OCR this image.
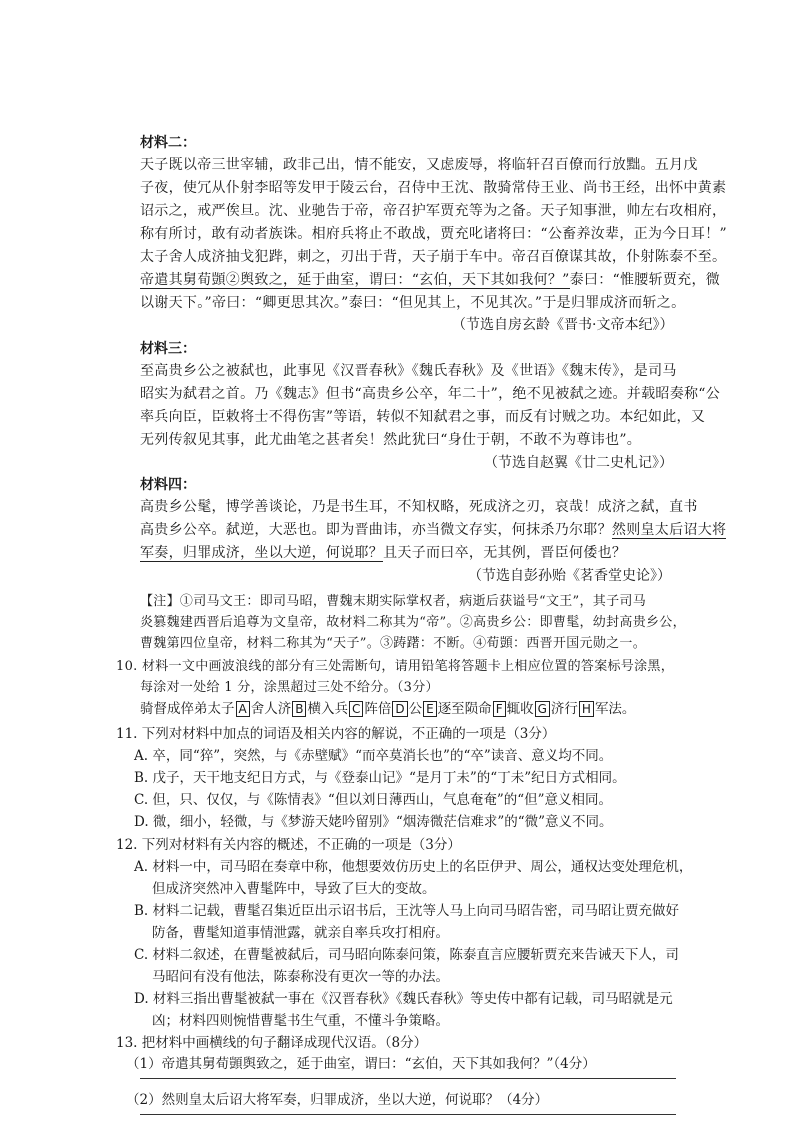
材料二：
天子既以帝三世宰辅，政非己出，情不能安，又虑废辱，将临轩召百僚而行放黜。五月戊
子夜，使冗从仆射李昭等发甲于陵云台，召侍中王沈、散骑常侍王业、尚书王经，出怀中黄素
诏示之，戒严俟旦。沈、业驰告于帝，帝召护军贾充等为之备。天子知事泄，帅左右攻相府，
称有所讨，敢有动者族诛。相府兵将止不敢战，贾充叱诸将曰：“公畜养汝辈，正为今日耳！”
太子舍人成济抽戈犯跸，刺之，刃出于背，天子崩于车中。帝召百僚谋其故，仆射陈泰不至。
帝遣其舅荀顗②舆致之，延于曲室，谓曰：“玄伯，天下其如我何？”泰曰：“惟腰斩贾充，微
以谢天下。”帝曰：“卿更思其次。”泰曰：“但见其上，不见其次。”于是归罪成济而斩之。
（节选自房玄龄《晋书·文帝本纪》）
材料三：
至高贵乡公之被弑也，此事见《汉晋春秋》《魏氏春秋》及《世语》《魏末传》，是司马
昭实为弑君之首。乃《魏志》但书“高贵乡公卒，年二十”，绝不见被弑之迹。并载昭奏称“公
率兵向臣，臣敕将士不得伤害”等语，转似不知弑君之事，而反有讨贼之功。本纪如此，又
无列传叙见其事，此尤曲笔之甚者矣！然此犹曰“身仕于朝，不敢不为尊讳也”。
（节选自赵翼《廿二史札记》）
材料四：
高贵乡公髦，博学善谈论，乃是书生耳，不知权略，死成济之刃，哀哉！成济之弑，直书
高贵乡公卒。弑逆，大恶也。即为晋曲讳，亦当微文存实，何抹杀乃尔耶？然则皇太后诏大将
军奏，归罪成济，坐以大逆，何说耶？且天子而曰卒，无其例，晋臣何倭也？
（节选自彭孙贻《茗香堂史论》）
【注】①司马文王：即司马昭，曹魏末期实际掌权者，病逝后获谥号“文王”，其子司马
炎篡魏建西晋后追尊为文皇帝，故材料二称其为“帝”。②高贵乡公：即曹髦，幼封高贵乡公，
曹魏第四位皇帝，材料二称其为“天子”。③踌躇：不断。④荀顗：西晋开国元勋之一。
10. 材料一文中画波浪线的部分有三处需断句，请用铅笔将答题卡上相应位置的答案标号涂黑，
每涂对一处给 1 分，涂黑超过三处不给分。（3分）
骑督成倅弟太子 A 舍人济 B 横入兵 C 阵倍 D 公 E 逐至陨命 F 辄收 G 济行 H 军法。
11. 下列对材料中加点的词语及相关内容的解说，不正确的一项是（3分）
A. 卒，同“猝”，突然，与《赤壁赋》“而卒莫消长也”的“卒”读音、意义均不同。
B. 戊子，天干地支纪日方式，与《登泰山记》“是月丁未”的“丁未”纪日方式相同。
C. 但，只、仅仅，与《陈情表》“但以刘日薄西山，气息奄奄”的“但”意义相同。
D. 微，细小，轻微，与《梦游天姥吟留别》“烟涛微茫信难求”的“微”意义不同。
12. 下列对材料有关内容的概述，不正确的一项是（3分）
A. 材料一中，司马昭在奏章中称，他想要效仿历史上的名臣伊尹、周公，通权达变处理危机，
但成济突然冲入曹髦阵中，导致了巨大的变故。
B. 材料二记载，曹髦召集近臣出示诏书后，王沈等人马上向司马昭告密，司马昭让贾充做好
防备，曹髦知道事情泄露，就亲自率兵攻打相府。
C. 材料二叙述，在曹髦被弑后，司马昭向陈泰问策，陈泰直言应腰斩贾充来告诫天下人，司
马昭问有没有他法，陈泰称没有更次一等的办法。
D. 材料三指出曹髦被弑一事在《汉晋春秋》《魏氏春秋》等史传中都有记载，司马昭就是元
凶；材料四则惋惜曹髦书生气重，不懂斗争策略。
13. 把材料中画横线的句子翻译成现代汉语。（8分）
（1）帝遣其舅荀顗舆致之，延于曲室，谓曰：“玄伯，天下其如我何？”（4分）
（2）然则皇太后诏大将军奏，归罪成济，坐以大逆，何说耶？（4分）
